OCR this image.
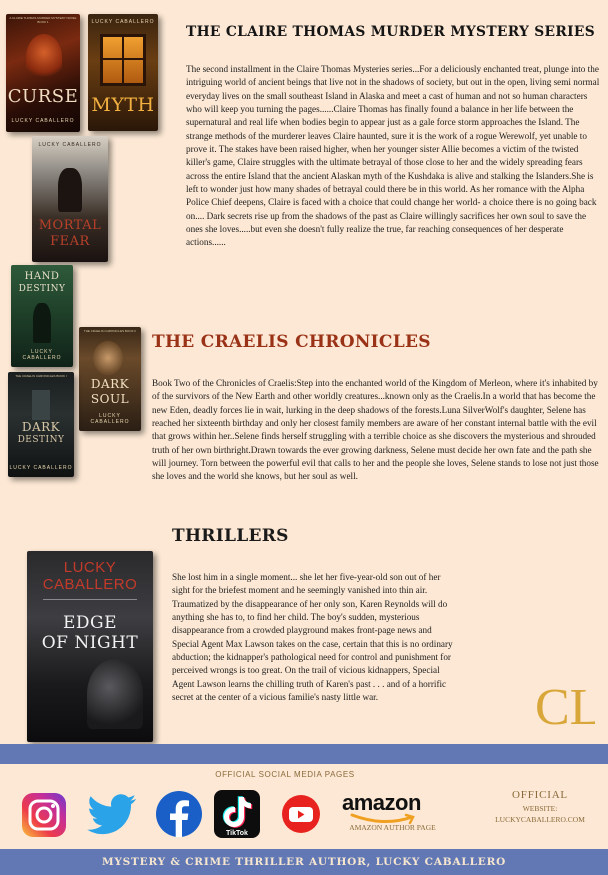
A CLAIRE THOMAS MURDER MYSTERY NOVEL BOOK 1
CURSE
LUCKY CABALLERO
LUCKY CABALLERO
MYTH
LUCKY CABALLERO
MORTAL
FEAR
HAND
DESTINY
LUCKY CABALLERO
THE CRAELIS CHRONICLES BOOK II
DARK
SOUL
LUCKY CABALLERO
THE CRAELIS CHRONICLES BOOK I
DARK
DESTINY
LUCKY CABALLERO
LUCKY
CABALLERO
EDGE
OF NIGHT
THE CLAIRE THOMAS MURDER MYSTERY SERIES
The second installment in the Claire Thomas Mysteries series...For a deliciously enchanted treat, plunge into the intriguing world of ancient beings that live not in the shadows of society, but out in the open, living semi normal everyday lives on the small southeast Island in Alaska and meet a cast of human and not so human characters who will keep you turning the pages......Claire Thomas has finally found a balance in her life between the supernatural and real life when bodies begin to appear just as a gale force storm approaches the Island. The strange methods of the murderer leaves Claire haunted, sure it is the work of a rogue Werewolf, yet unable to prove it. The stakes have been raised higher, when her younger sister Allie becomes a victim of the twisted killer's game, Claire struggles with the ultimate betrayal of those close to her and the widely spreading fears across the entire Island that the ancient Alaskan myth of the Kushdaka is alive and stalking the Islanders.She is left to wonder just how many shades of betrayal could there be in this world. As her romance with the Alpha Police Chief deepens, Claire is faced with a choice that could change her world- a choice there is no going back on.... Dark secrets rise up from the shadows of the past as Claire willingly sacrifices her own soul to save the ones she loves.....but even she doesn't fully realize the true, far reaching consequences of her desperate actions......
THE CRAELIS CHRONICLES
Book Two of the Chronicles of Craelis:Step into the enchanted world of the Kingdom of Merleon, where it's inhabited by of the survivors of the New Earth and other worldly creatures...known only as the Craelis.In a world that has become the new Eden, deadly forces lie in wait, lurking in the deep shadows of the forests.Luna SilverWolf's daughter, Selene has reached her sixteenth birthday and only her closest family members are aware of her constant internal battle with the evil that grows within her..Selene finds herself struggling with a terrible choice as she discovers the mysterious and shrouded truth of her own birthright.Drawn towards the ever growing darkness, Selene must decide her own fate and the path she will journey. Torn between the powerful evil that calls to her and the people she loves, Selene stands to lose not just those she loves and the world she knows, but her soul as well.
THRILLERS
She lost him in a single moment... she let her five-year-old son out of her sight for the briefest moment and he seemingly vanished into thin air. Traumatized by the disappearance of her only son, Karen Reynolds will do anything she has to, to find her child. The boy's sudden, mysterious disappearance from a crowded playground makes front-page news and Special Agent Max Lawson takes on the case, certain that this is no ordinary abduction; the kidnapper's pathological need for control and punishment for perceived wrongs is too great. On the trail of vicious kidnappers, Special Agent Lawson learns the chilling truth of Karen's past . . . and of a horrific secret at the center of a vicious familie's nasty little war.	CL
OFFICIAL SOCIAL MEDIA PAGES
TikTok
amazon
AMAZON AUTHOR PAGE
OFFICIAL
WEBSITE:
LUCKYCABALLERO.COM
MYSTERY & CRIME THRILLER AUTHOR, LUCKY CABALLERO
